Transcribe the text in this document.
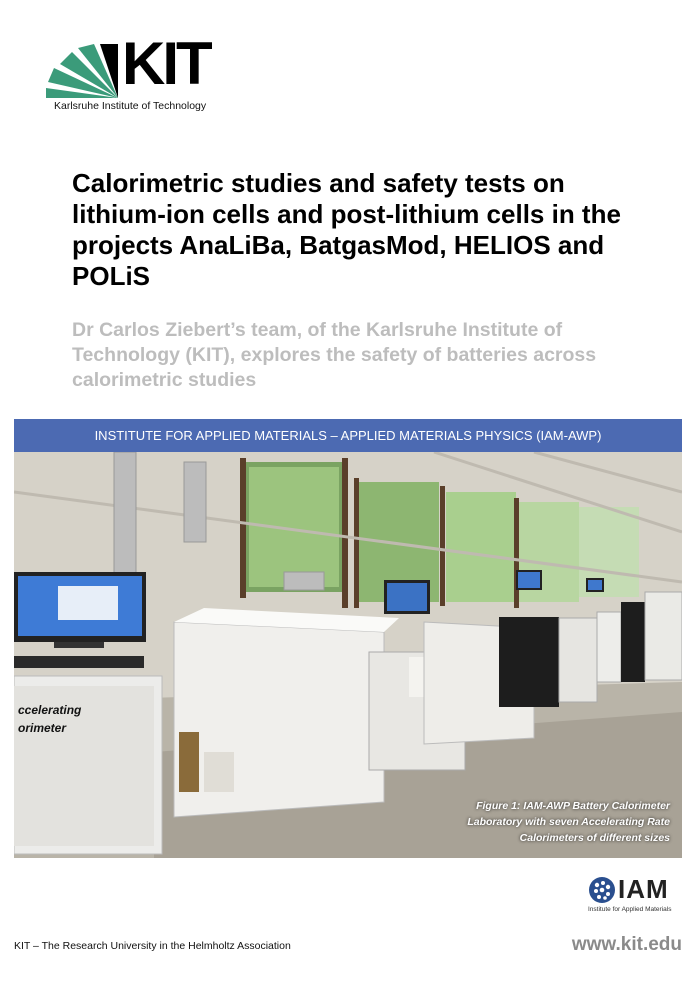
KIT
Karlsruhe Institute of Technology
Calorimetric studies and safety tests on lithium-ion cells and post-lithium cells in the projects AnaLiBa, BatgasMod, HELIOS and POLiS

Dr Carlos Ziebert’s team, of the Karlsruhe Institute of Technology (KIT), explores the safety of batteries across calorimetric studies

INSTITUTE FOR APPLIED MATERIALS – APPLIED MATERIALS PHYSICS (IAM-AWP)
ccelerating
orimeter
Figure 1: IAM-AWP Battery Calorimeter
Laboratory with seven Accelerating Rate
Calorimeters of different sizes
IAM
Institute for Applied Materials
KIT – The Research University in the Helmholtz Association	www.kit.edu
